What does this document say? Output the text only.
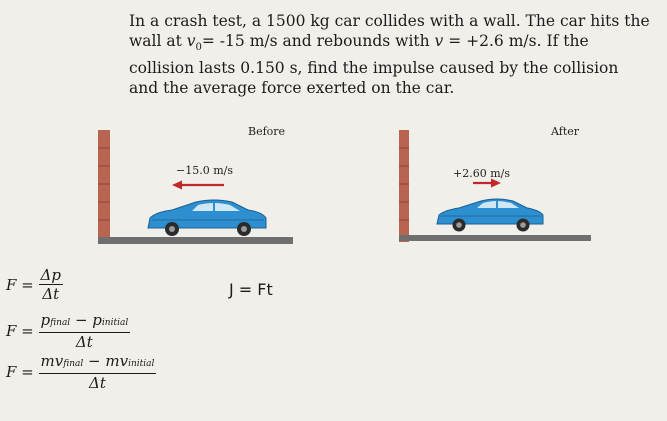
In a crash test, a 1500 kg car collides with a wall. The car hits the
wall at $v_0= -15$ m/s and rebounds with v = +2.6 m/s. If the
collision lasts 0.150 s, find the impulse caused by the collision
and the average force exerted on the car.
Before
−15.0 m/s
After
+2.60 m/s
$F = \frac{\Delta p}{\Delta t}$	J = Ft
$F = \frac{\text{pfinal − pinitial}}{\Delta t}$
$F = \frac{\text{mvfinal − mvinitial}}{\Delta t}$
